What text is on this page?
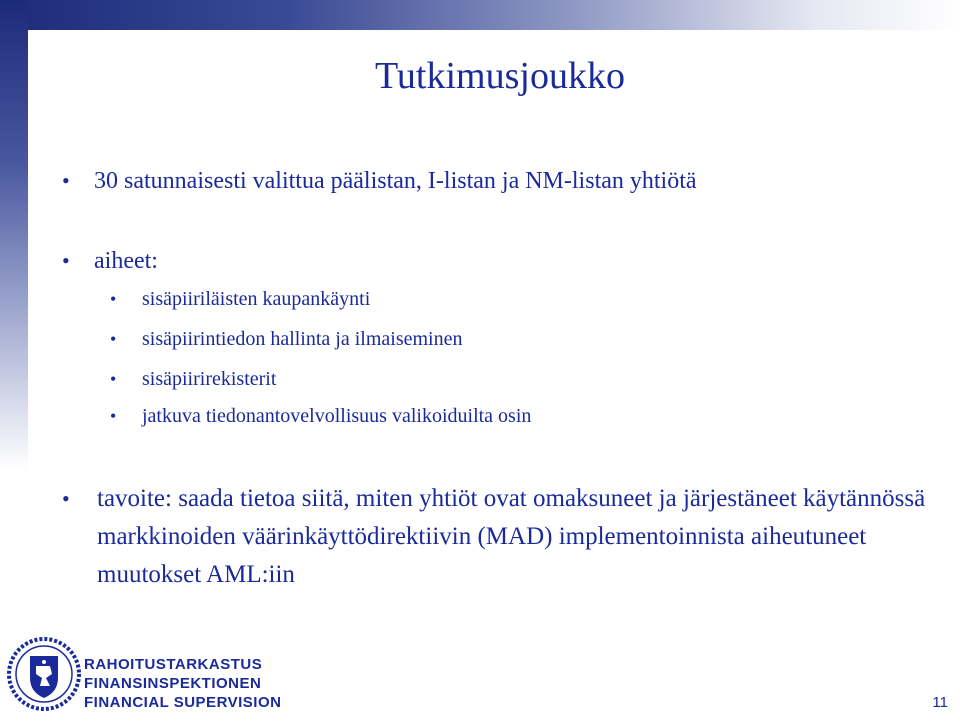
Tutkimusjoukko
•	30 satunnaisesti valittua päälistan, I-listan ja NM-listan yhtiötä
•	aiheet:
•	sisäpiiriläisten kaupankäynti
•	sisäpiirintiedon hallinta ja ilmaiseminen
•	sisäpiirirekisterit
•	jatkuva tiedonantovelvollisuus valikoiduilta osin
•	tavoite: saada tietoa siitä, miten yhtiöt ovat omaksuneet ja järjestäneet käytännössä markkinoiden väärinkäyttödirektiivin (MAD) implementoinnista aiheutuneet muutokset AML:iin
RAHOITUSTARKASTUS
FINANSINSPEKTIONEN
FINANCIAL SUPERVISION	11
